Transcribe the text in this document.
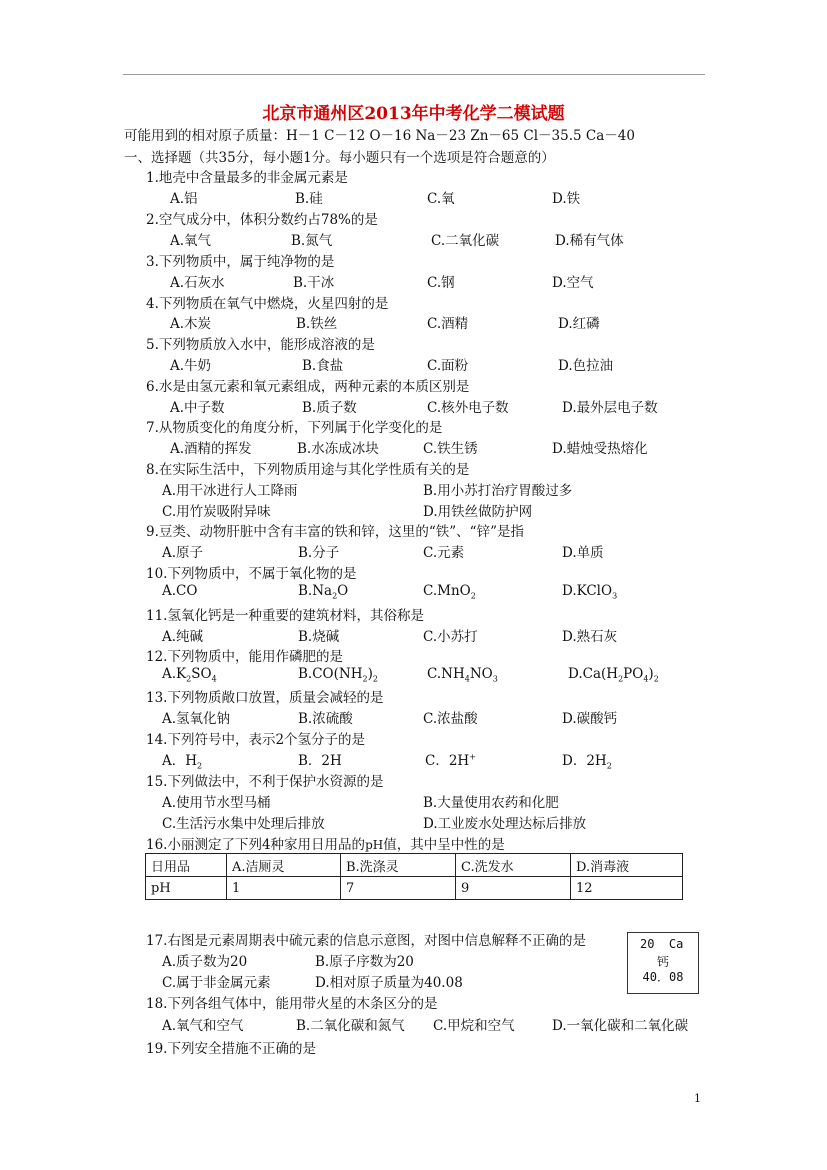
北京市通州区2013年中考化学二模试题
可能用到的相对原子质量：H－1 C－12 O－16 Na－23 Zn－65 Cl－35.5 Ca－40
一、选择题（共35分，每小题1分。每小题只有一个选项是符合题意的）
1.地壳中含量最多的非金属元素是
A.铝	B.硅	C.氧	D.铁
2.空气成分中，体积分数约占78%的是
A.氧气	B.氮气	C.二氧化碳	D.稀有气体
3.下列物质中，属于纯净物的是
A.石灰水	B.干冰	C.钢	D.空气
4.下列物质在氧气中燃烧，火星四射的是
A.木炭	B.铁丝	C.酒精	D.红磷
5.下列物质放入水中，能形成溶液的是
A.牛奶	B.食盐	C.面粉	D.色拉油
6.水是由氢元素和氧元素组成，两种元素的本质区别是
A.中子数	B.质子数	C.核外电子数	D.最外层电子数
7.从物质变化的角度分析，下列属于化学变化的是
A.酒精的挥发	B.水冻成冰块	C.铁生锈	D.蜡烛受热熔化
8.在实际生活中，下列物质用途与其化学性质有关的是
A.用干冰进行人工降雨	B.用小苏打治疗胃酸过多
C.用竹炭吸附异味	D.用铁丝做防护网
9.豆类、动物肝脏中含有丰富的铁和锌，这里的“铁”、“锌”是指
A.原子	B.分子	C.元素	D.单质
10.下列物质中，不属于氧化物的是
A.CO	$B.Na_2O$	C.MnO$_2$	D.KClO$_3$
11.氢氧化钙是一种重要的建筑材料，其俗称是
A.纯碱	B.烧碱	C.小苏打	D.熟石灰
12.下列物质中，能用作磷肥的是
$A.K_2SO_4$	$B.CO(NH_2)_2$	$C.NH_4NO_3$	$D.Ca(H_2PO_4)_2$
13.下列物质敞口放置，质量会减轻的是
A.氢氧化钠	B.浓硫酸	C.浓盐酸	D.碳酸钙
14.下列符号中，表示2个氢分子的是
A．$H_2$	B．2H	C．2H+	D．$2H_2$
15.下列做法中，不利于保护水资源的是
A.使用节水型马桶	B.大量使用农药和化肥
C.生活污水集中处理后排放	D.工业废水处理达标后排放
16.小丽测定了下列4种家用日用品的pH值，其中呈中性的是
日用品	A.洁厕灵	B.洗涤灵	C.洗发水	D.消毒液
pH	1	7	9	12
17.右图是元素周期表中硫元素的信息示意图，对图中信息解释不正确的是
A.质子数为20	B.原子序数为20
C.属于非金属元素	D.相对原子质量为40.08
20 Ca
钙
40．08
18.下列各组气体中，能用带火星的木条区分的是
A.氧气和空气	B.二氧化碳和氮气 C.甲烷和空气	D.一氧化碳和二氧化碳
19.下列安全措施不正确的是
1
